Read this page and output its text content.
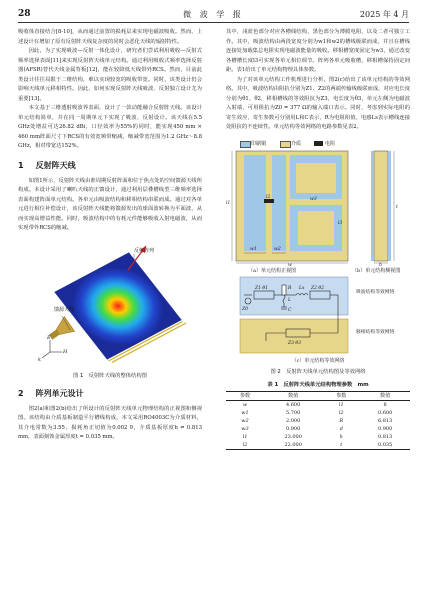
28	微 波 学 报	2025 年 4 月

吸收体直接结合[8-10]，从而通过前置的损耗层来实现电磁波吸收。然而，上述设计在增加了原有反射阵天线复杂度的同时会恶化天线的辐射特性。

因此，为了实现吸波—反射一体化设计，研究者们尝试利用吸收—反射式频率选择表面[11]来实现反射阵天线单元结构。通过利用吸收式频率选择反射器(AFSR)替代天线金属背板[12]，能在较降低天线带外RCS。然而，目前此类设计往往局限于二维结构，难以实现较宽的吸收带宽。同时，该类设计仍会影响天线单元移相特性。因此，如何实现反射阵天线吸波、反射独立设计尤为重要[13]。

本文基于三维透射吸波界表面，设计了一款动能融合反射阵天线。该设计单元结构简单，并在同一周期单元下实现了吸波、反射设计。该天线在5.5 GHz处增益可达26.82 dBi，口径效率为55%的同时，能实现450 mm × 460 mm阵面尺寸下RCS的有效宽频带缩减，缩减带宽范围为1.2 GHz～8.8 GHz，相对带宽达152%。

1 反射阵天线

如图1所示，反射阵天线由准周期反射阵面和位于焦点处的空间馈源天线所构成。本设计采用了喇叭天线的正馈设计，通过利用层叠槽线型三维频率选择表面构建阵面单元结构。各单元由吸波结构和移相结构串联而成。通过对各单元进行相位补偿设计，该反射阵天线能将馈源发出的球面波转换为平面波，从而实现高增益性能。同时，吸波结构中的有耗元件能够吸收入射电磁波，从而实现带外RCS的缩减。

反射阵列
馈源天线
E
H
k
图 1　反射阵天线的整体结构图
2 阵列单元设计

图2(a)和图2(b)给出了所设计的反射阵天线单元物理结构的正视图和侧视图。该结构由介质基板制造平行槽线构成，本文采用RO4003C为介质材料，其介电常数为3.55，损耗角正切值为0.002 9，介质基板厚度h = 0.813 mm，表面刻蚀金属厚度t = 0.035 mm。

其中，浅蓝色部分对应各槽线结构，黑色部分为薄膜电阻，以及二者可独立工作。其中，吸波结构由两段宽度分别为w1和w2的槽线级联而成，并且在槽线连接处加载集总电阻实现电磁波能量的吸收。移相槽宽度固定为w3，通过改变各槽槽长度l3可实现各单元相位调节。阵列各单元吸收槽，移相槽保持固定间距。表1给出了单元结构物理具体参数。

为了对该单元结构工作机理进行分析，图2(c)给出了该单元结构的等效网络。其中，吸波结构由阻抗分别为Z1、Z2的两端传输线级联而成，对应电长度分别为θ1、θ2，移相槽线的等效阻抗为Z3，电长度为θ3，单元左侧为电磁波入射端，可用阻抗为Z0 = 377 Ω的输入端口表示。同时，考虑到实际电阻的寄生效应，寄生参数可分别用L和C表示，R为电阻阻值。电感Ls表示槽线连接处阻抗的不连续性。单元结构等效网络的电路参数见表2。

印刷铜	介质	电阻
w
l1
w1	w2
w3
l2
l3
h
t
（a）单元结构正视图	（b）单元结构侧视图
Z0
Z1 θ1	R
L
C
Ls Z2 θ2
Z3 θ3
吸波结构等效网络
移相结构等效网络
（c）单元结构等效网络
图 2　反射阵天线单元结构图及等效网络
表 1　反射阵天线单元结构物理参数　mm
参数	数值	参数	数值
w	4.600	l1	8
w1	5.700	l2	0.600
w2	2.000	R	6.813
w3	0.900	d	0.900
l1	23.000	h	0.813
l2	22.000	t	0.035
